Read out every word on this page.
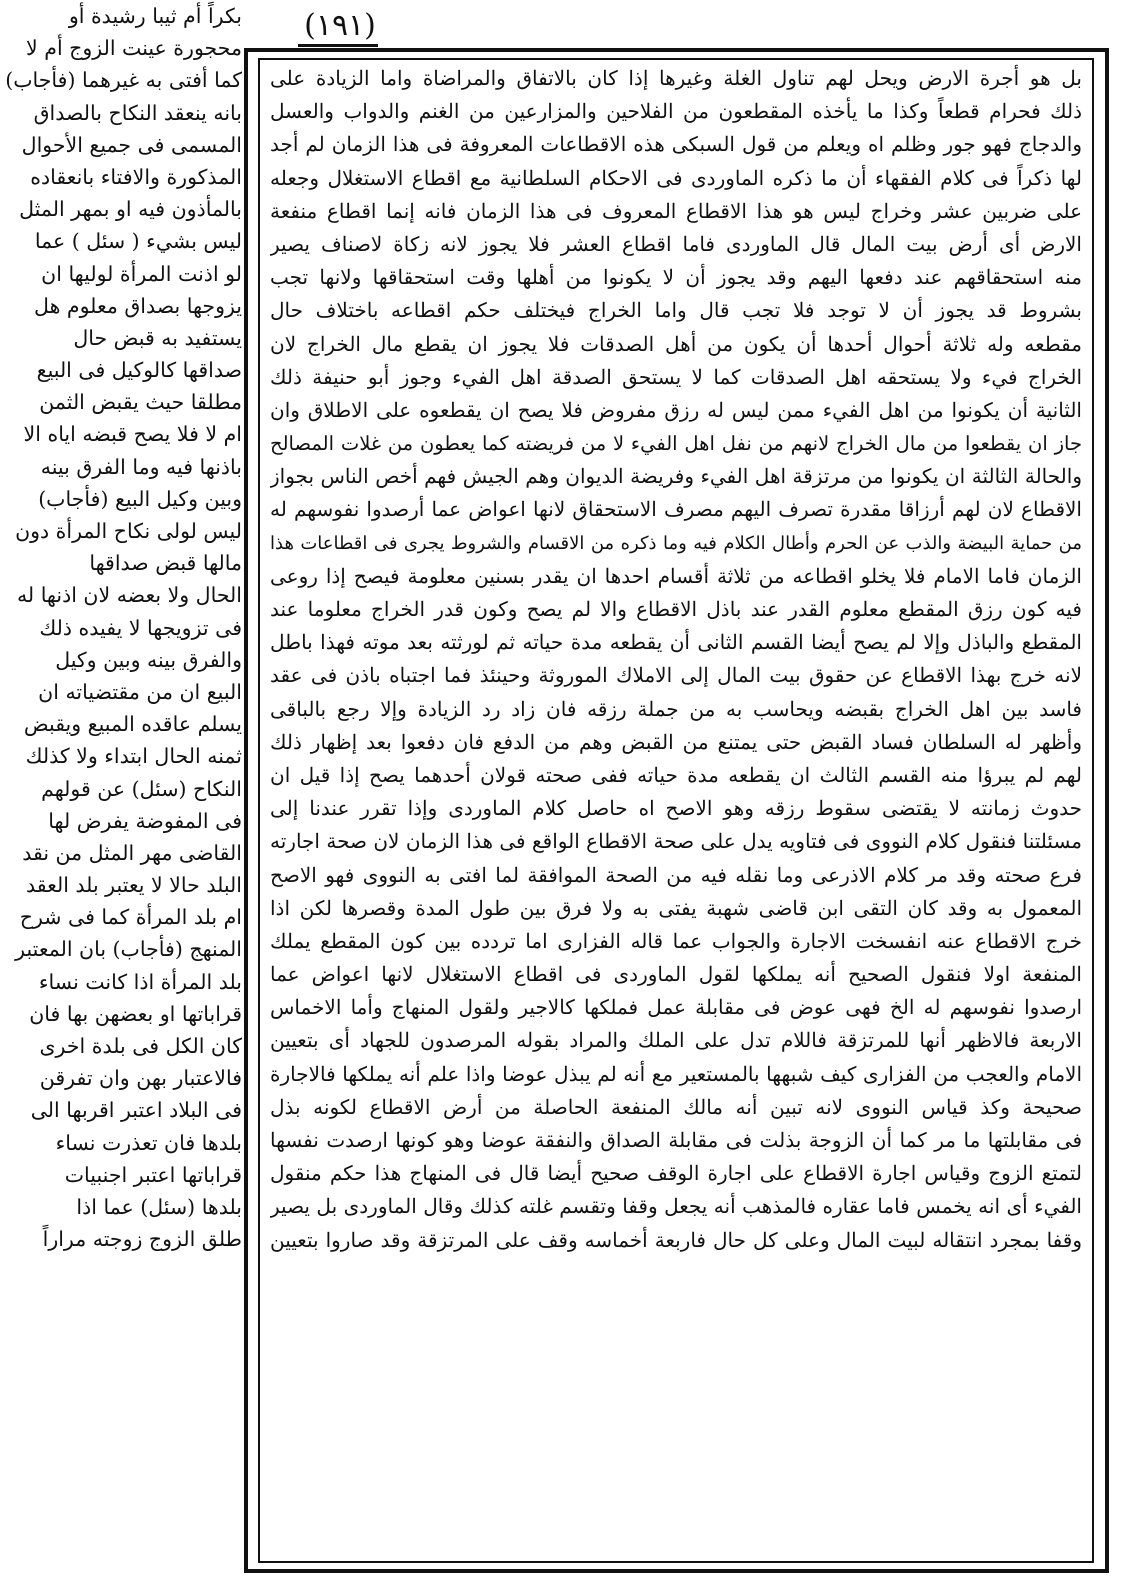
(١٩١)
بكراً أم ثيبا رشيدة أو
محجورة عينت الزوج أم لا
كما أفتى به غيرهما (فأجاب)
بانه ينعقد النكاح بالصداق
المسمى فى جميع الأحوال
المذكورة والافتاء بانعقاده
بالمأذون فيه او بمهر المثل
ليس بشيء ( سئل ) عما
لو اذنت المرأة لوليها ان
يزوجها بصداق معلوم هل
يستفيد به قبض حال
صداقها كالوكيل فى البيع
مطلقا حيث يقبض الثمن
ام لا فلا يصح قبضه اياه الا
باذنها فيه وما الفرق بينه
وبين وكيل البيع (فأجاب)
ليس لولى نكاح المرأة دون
مالها قبض صداقها
الحال ولا بعضه لان اذنها له
فى تزويجها لا يفيده ذلك
والفرق بينه وبين وكيل
البيع ان من مقتضياته ان
يسلم عاقده المبيع ويقبض
ثمنه الحال ابتداء ولا كذلك
النكاح (سئل) عن قولهم
فى المفوضة يفرض لها
القاضى مهر المثل من نقد
البلد حالا لا يعتبر بلد العقد
ام بلد المرأة كما فى شرح
المنهج (فأجاب) بان المعتبر
بلد المرأة اذا كانت نساء
قراباتها او بعضهن بها فان
كان الكل فى بلدة اخرى
فالاعتبار بهن وان تفرقن
فى البلاد اعتبر اقربها الى
بلدها فان تعذرت نساء
قراباتها اعتبر اجنبيات
بلدها (سئل) عما اذا
طلق الزوج زوجته مراراً
بل هو أجرة الارض ويحل لهم تناول الغلة وغيرها إذا كان بالاتفاق والمراضاة واما الزيادة على
ذلك فحرام قطعاً وكذا ما يأخذه المقطعون من الفلاحين والمزارعين من الغنم والدواب والعسل
والدجاج فهو جور وظلم اه ويعلم من قول السبكى هذه الاقطاعات المعروفة فى هذا الزمان لم أجد
لها ذكراً فى كلام الفقهاء أن ما ذكره الماوردى فى الاحكام السلطانية مع اقطاع الاستغلال وجعله
على ضربين عشر وخراج ليس هو هذا الاقطاع المعروف فى هذا الزمان فانه إنما اقطاع منفعة
الارض أى أرض بيت المال قال الماوردى فاما اقطاع العشر فلا يجوز لانه زكاة لاصناف يصير
منه استحقاقهم عند دفعها اليهم وقد يجوز أن لا يكونوا من أهلها وقت استحقاقها ولانها تجب
بشروط قد يجوز أن لا توجد فلا تجب قال واما الخراج فيختلف حكم اقطاعه باختلاف حال
مقطعه وله ثلاثة أحوال أحدها أن يكون من أهل الصدقات فلا يجوز ان يقطع مال الخراج لان
الخراج فيء ولا يستحقه اهل الصدقات كما لا يستحق الصدقة اهل الفيء وجوز أبو حنيفة ذلك
الثانية أن يكونوا من اهل الفيء ممن ليس له رزق مفروض فلا يصح ان يقطعوه على الاطلاق وان
جاز ان يقطعوا من مال الخراج لانهم من نفل اهل الفيء لا من فريضته كما يعطون من غلات المصالح
والحالة الثالثة ان يكونوا من مرتزقة اهل الفيء وفريضة الديوان وهم الجيش فهم أخص الناس بجواز
الاقطاع لان لهم أرزاقا مقدرة تصرف اليهم مصرف الاستحقاق لانها اعواض عما أرصدوا نفوسهم له
من حماية البيضة والذب عن الحرم وأطال الكلام فيه وما ذكره من الاقسام والشروط يجرى فى اقطاعات هذا
الزمان فاما الامام فلا يخلو اقطاعه من ثلاثة أقسام احدها ان يقدر بسنين معلومة فيصح إذا روعى
فيه كون رزق المقطع معلوم القدر عند باذل الاقطاع والا لم يصح وكون قدر الخراج معلوما عند
المقطع والباذل وإلا لم يصح أيضا القسم الثانى أن يقطعه مدة حياته ثم لورثته بعد موته فهذا باطل
لانه خرج بهذا الاقطاع عن حقوق بيت المال إلى الاملاك الموروثة وحينئذ فما اجتباه باذن فى عقد
فاسد بين اهل الخراج بقبضه ويحاسب به من جملة رزقه فان زاد رد الزيادة وإلا رجع بالباقى
وأظهر له السلطان فساد القبض حتى يمتنع من القبض وهم من الدفع فان دفعوا بعد إظهار ذلك
لهم لم يبرؤا منه القسم الثالث ان يقطعه مدة حياته ففى صحته قولان أحدهما يصح إذا قيل ان
حدوث زمانته لا يقتضى سقوط رزقه وهو الاصح اه حاصل كلام الماوردى وإذا تقرر عندنا إلى
مسئلتنا فنقول كلام النووى فى فتاويه يدل على صحة الاقطاع الواقع فى هذا الزمان لان صحة اجارته
فرع صحته وقد مر كلام الاذرعى وما نقله فيه من الصحة الموافقة لما افتى به النووى فهو الاصح
المعمول به وقد كان التقى ابن قاضى شهبة يفتى به ولا فرق بين طول المدة وقصرها لكن اذا
خرج الاقطاع عنه انفسخت الاجارة والجواب عما قاله الفزارى اما تردده بين كون المقطع يملك
المنفعة اولا فنقول الصحيح أنه يملكها لقول الماوردى فى اقطاع الاستغلال لانها اعواض عما
ارصدوا نفوسهم له الخ فهى عوض فى مقابلة عمل فملكها كالاجير ولقول المنهاج وأما الاخماس
الاربعة فالاظهر أنها للمرتزقة فاللام تدل على الملك والمراد بقوله المرصدون للجهاد أى بتعيين
الامام والعجب من الفزارى كيف شبهها بالمستعير مع أنه لم يبذل عوضا واذا علم أنه يملكها فالاجارة
صحيحة وكذ قياس النووى لانه تبين أنه مالك المنفعة الحاصلة من أرض الاقطاع لكونه بذل
فى مقابلتها ما مر كما أن الزوجة بذلت فى مقابلة الصداق والنفقة عوضا وهو كونها ارصدت نفسها
لتمتع الزوج وقياس اجارة الاقطاع على اجارة الوقف صحيح أيضا قال فى المنهاج هذا حكم منقول
الفيء أى انه يخمس فاما عقاره فالمذهب أنه يجعل وقفا وتقسم غلته كذلك وقال الماوردى بل يصير
وقفا بمجرد انتقاله لبيت المال وعلى كل حال فاربعة أخماسه وقف على المرتزقة وقد صاروا بتعيين
